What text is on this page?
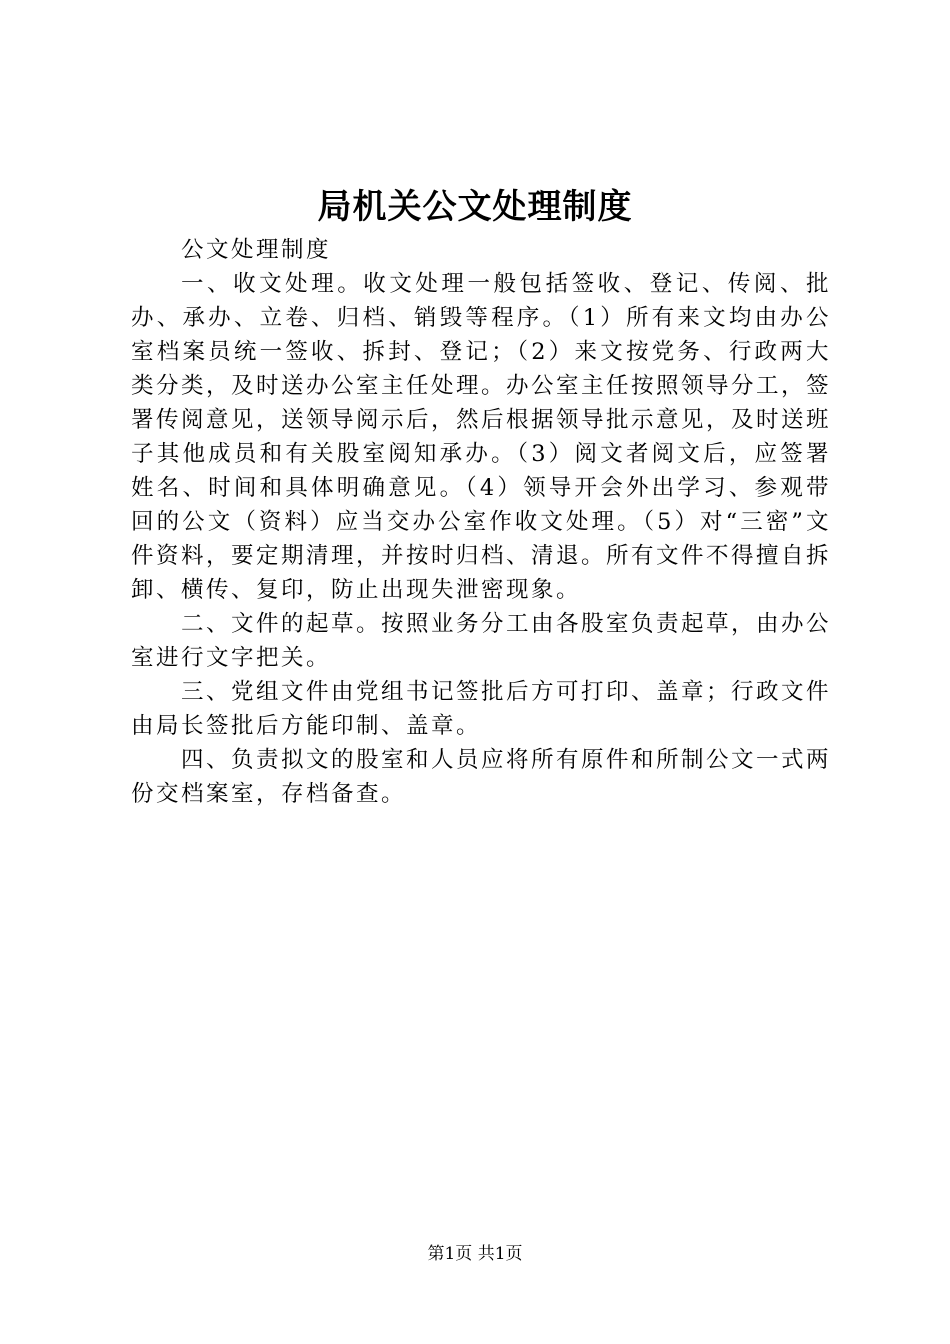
局机关公文处理制度

公文处理制度

一、收文处理。收文处理一般包括签收、登记、传阅、批办、承办、立卷、归档、销毁等程序。（1）所有来文均由办公室档案员统一签收、拆封、登记；（2）来文按党务、行政两大类分类，及时送办公室主任处理。办公室主任按照领导分工，签署传阅意见，送领导阅示后，然后根据领导批示意见，及时送班子其他成员和有关股室阅知承办。（3）阅文者阅文后，应签署姓名、时间和具体明确意见。（4）领导开会外出学习、参观带回的公文（资料）应当交办公室作收文处理。（5）对“三密”文件资料，要定期清理，并按时归档、清退。所有文件不得擅自拆卸、横传、复印，防止出现失泄密现象。

二、文件的起草。按照业务分工由各股室负责起草，由办公室进行文字把关。

三、党组文件由党组书记签批后方可打印、盖章；行政文件由局长签批后方能印制、盖章。

四、负责拟文的股室和人员应将所有原件和所制公文一式两份交档案室，存档备查。

第1页 共1页
